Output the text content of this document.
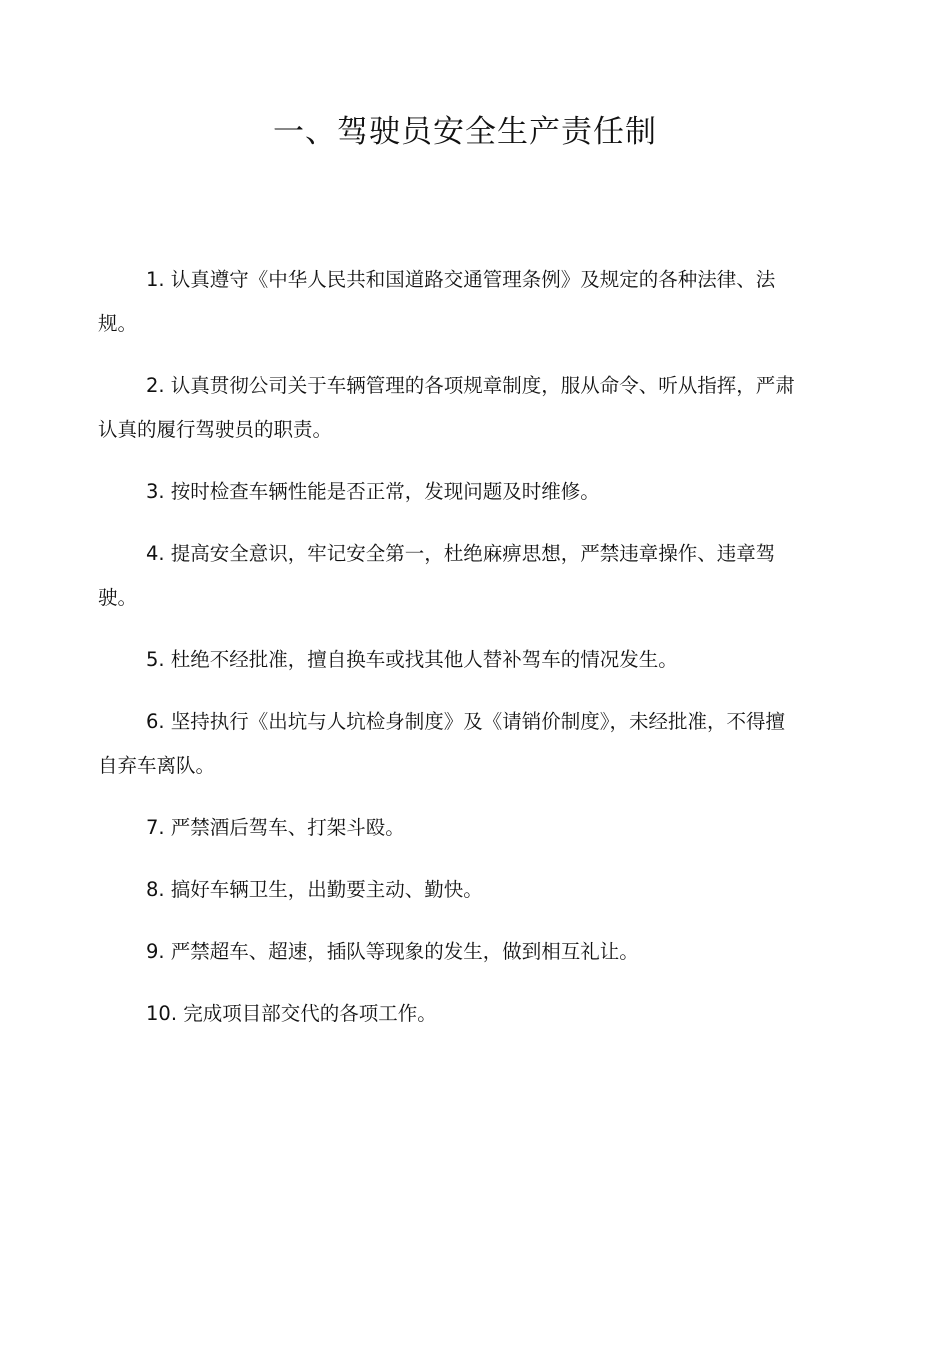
一、驾驶员安全生产责任制

1. 认真遵守《中华人民共和国道路交通管理条例》及规定的各种法律、法规。

2. 认真贯彻公司关于车辆管理的各项规章制度，服从命令、听从指挥，严肃认真的履行驾驶员的职责。

3. 按时检查车辆性能是否正常，发现问题及时维修。

4. 提高安全意识，牢记安全第一，杜绝麻痹思想，严禁违章操作、违章驾驶。

5. 杜绝不经批准，擅自换车或找其他人替补驾车的情况发生。

6. 坚持执行《出坑与人坑检身制度》及《请销价制度》，未经批准，不得擅自弃车离队。

7. 严禁酒后驾车、打架斗殴。

8. 搞好车辆卫生，出勤要主动、勤快。

9. 严禁超车、超速，插队等现象的发生，做到相互礼让。

10. 完成项目部交代的各项工作。
